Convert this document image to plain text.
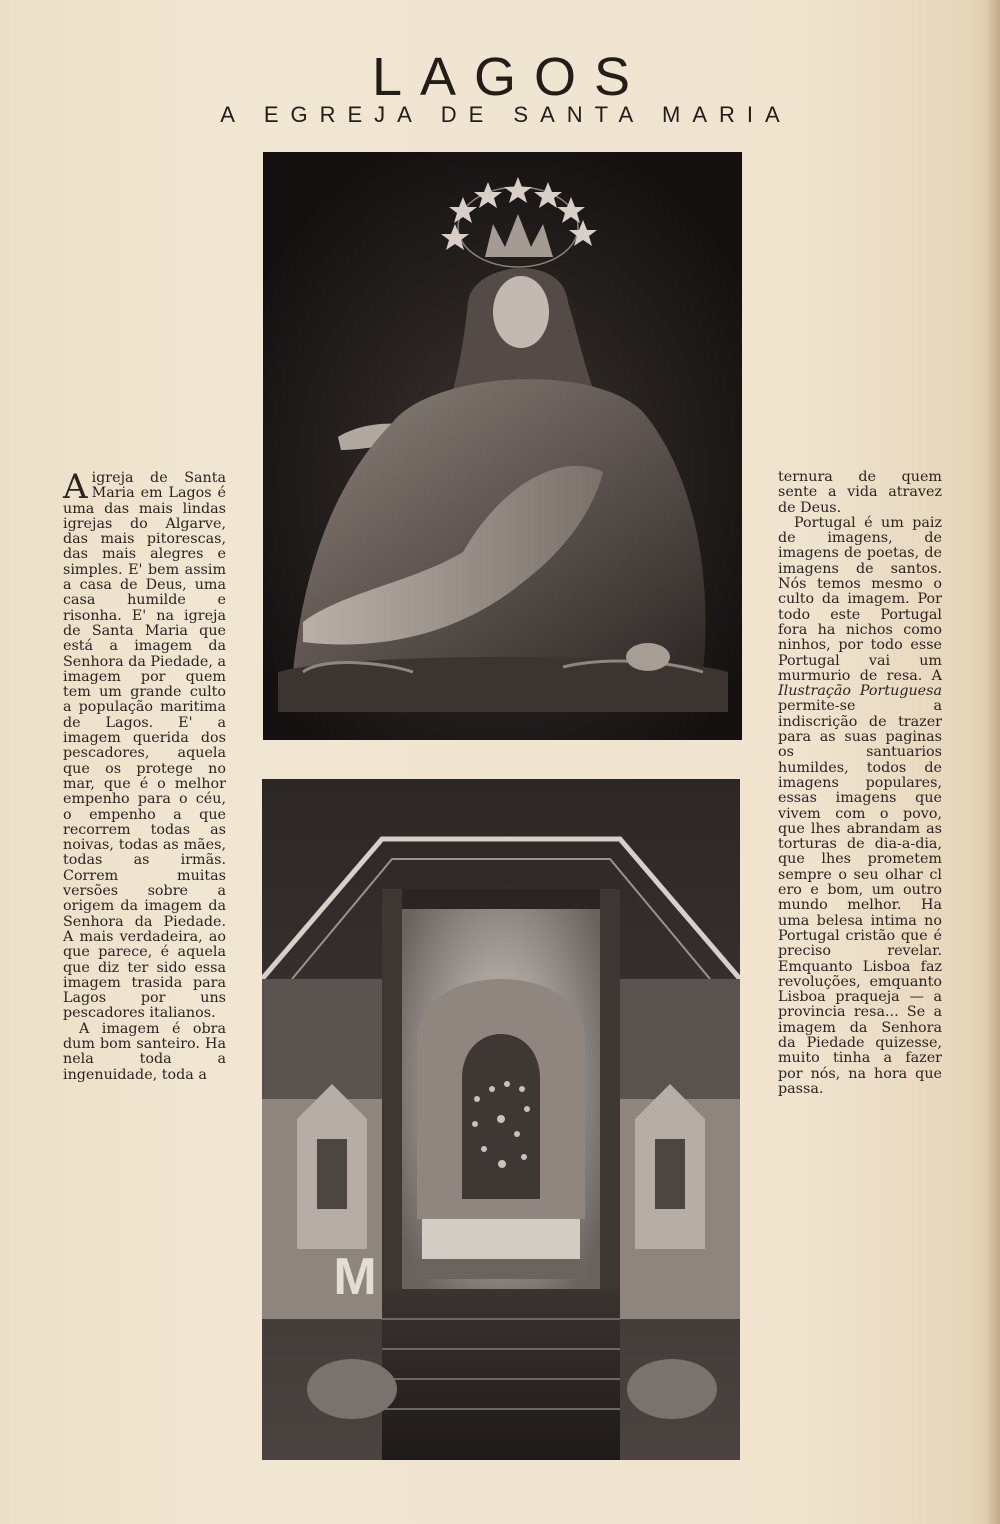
LAGOS
A EGREJA DE SANTA MARIA
M

A igreja de Santa Maria em Lagos é uma das mais lindas igrejas do Algarve, das mais pitorescas, das mais alegres e simples. E' bem assim a casa de Deus, uma casa humilde e risonha. E' na igreja de Santa Maria que está a imagem da Senhora da Piedade, a imagem por quem tem um grande culto a população maritima de Lagos. E' a imagem querida dos pescadores, aquela que os protege no mar, que é o melhor empenho para o céu, o empenho a que recorrem todas as noivas, todas as mães, todas as irmãs. Correm muitas versões sobre a origem da imagem da Senhora da Piedade. A mais verdadeira, ao que parece, é aquela que diz ter sido essa imagem trasida para Lagos por uns pescadores italianos.

A imagem é obra dum bom santeiro. Ha nela toda a ingenuidade, toda a

ternura de quem sente a vida atravez de Deus.

Portugal é um paiz de imagens, de imagens de poetas, de imagens de santos. Nós temos mesmo o culto da imagem. Por todo este Portugal fora ha nichos como ninhos, por todo esse Portugal vai um murmurio de resa. A Ilustração Portuguesa permite-se a indiscrição de trazer para as suas paginas os santuarios humildes, todos de imagens populares, essas imagens que vivem com o povo, que lhes abrandam as torturas de dia-a-dia, que lhes prometem sempre o seu olhar cl ero e bom, um outro mundo melhor. Ha uma belesa intima no Portugal cristão que é preciso revelar. Emquanto Lisboa faz revoluções, emquanto Lisboa praqueja — a provincia resa... Se a imagem da Senhora da Piedade quizesse, muito tinha a fazer por nós, na hora que passa.
